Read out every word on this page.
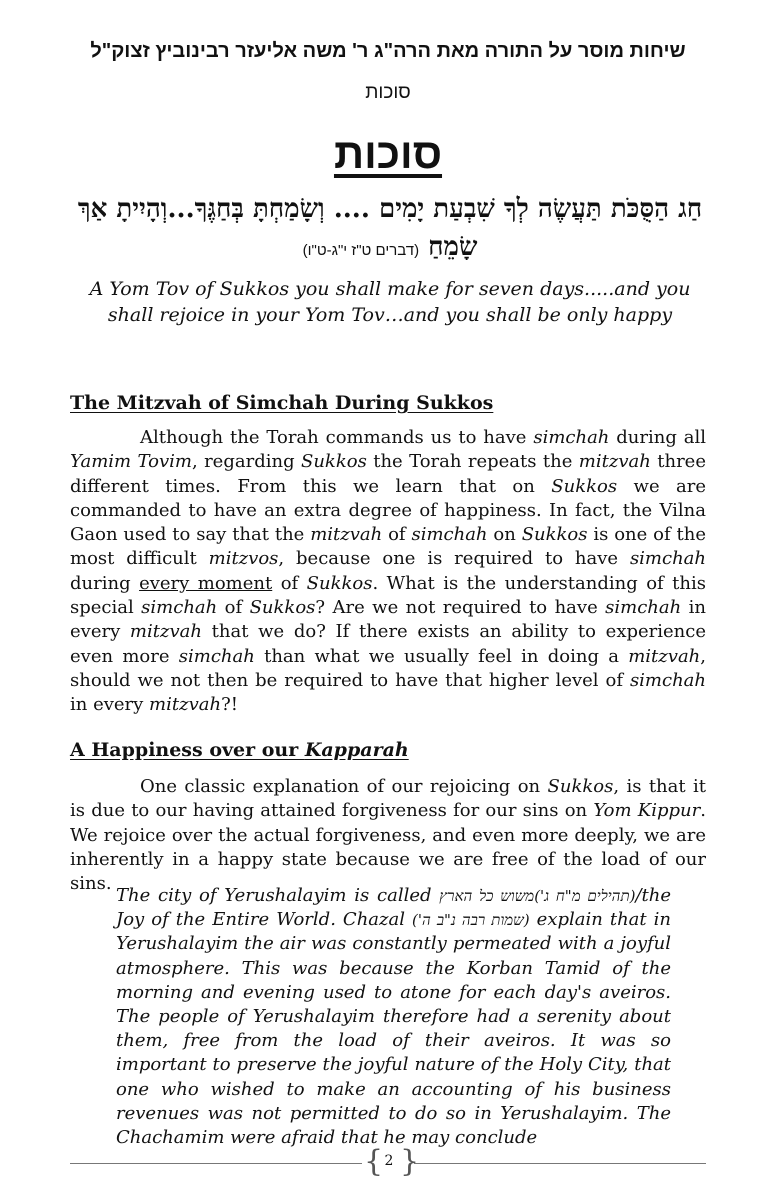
שיחות מוסר על התורה מאת הרה"ג ר' משה אליעזר רבינוביץ זצוק"ל
סוכות
סוכות
חַג הַסֻּכֹּת תַּעֲשֶׂה לְךָ שִׁבְעַת יָמִים .... וְשָׂמַחְתָּ בְּחַגֶּךָ...וְהָיִיתָ אַךְ שָׂמֵחַ (דברים ט"ז י"ג-ט"ו)
A Yom Tov of Sukkos you shall make for seven days.....and you shall rejoice in your Yom Tov…and you shall be only happy
The Mitzvah of Simchah During Sukkos
Although the Torah commands us to have simchah during all Yamim Tovim, regarding Sukkos the Torah repeats the mitzvah three different times. From this we learn that on Sukkos we are commanded to have an extra degree of happiness. In fact, the Vilna Gaon used to say that the mitzvah of simchah on Sukkos is one of the most difficult mitzvos, because one is required to have simchah during every moment of Sukkos. What is the understanding of this special simchah of Sukkos? Are we not required to have simchah in every mitzvah that we do? If there exists an ability to experience even more simchah than what we usually feel in doing a mitzvah, should we not then be required to have that higher level of simchah in every mitzvah?!
A Happiness over our Kapparah
One classic explanation of our rejoicing on Sukkos, is that it is due to our having attained forgiveness for our sins on Yom Kippur. We rejoice over the actual forgiveness, and even more deeply, we are inherently in a happy state because we are free of the load of our sins.
The city of Yerushalayim is called (תהילים מ"ח ג')משוש כל הארץ/the Joy of the Entire World. Chazal (שמות רבה נ"ב ה') explain that in Yerushalayim the air was constantly permeated with a joyful atmosphere. This was because the Korban Tamid of the morning and evening used to atone for each day's aveiros. The people of Yerushalayim therefore had a serenity about them, free from the load of their aveiros. It was so important to preserve the joyful nature of the Holy City, that one who wished to make an accounting of his business revenues was not permitted to do so in Yerushalayim. The Chachamim were afraid that he may conclude
{ }
2
